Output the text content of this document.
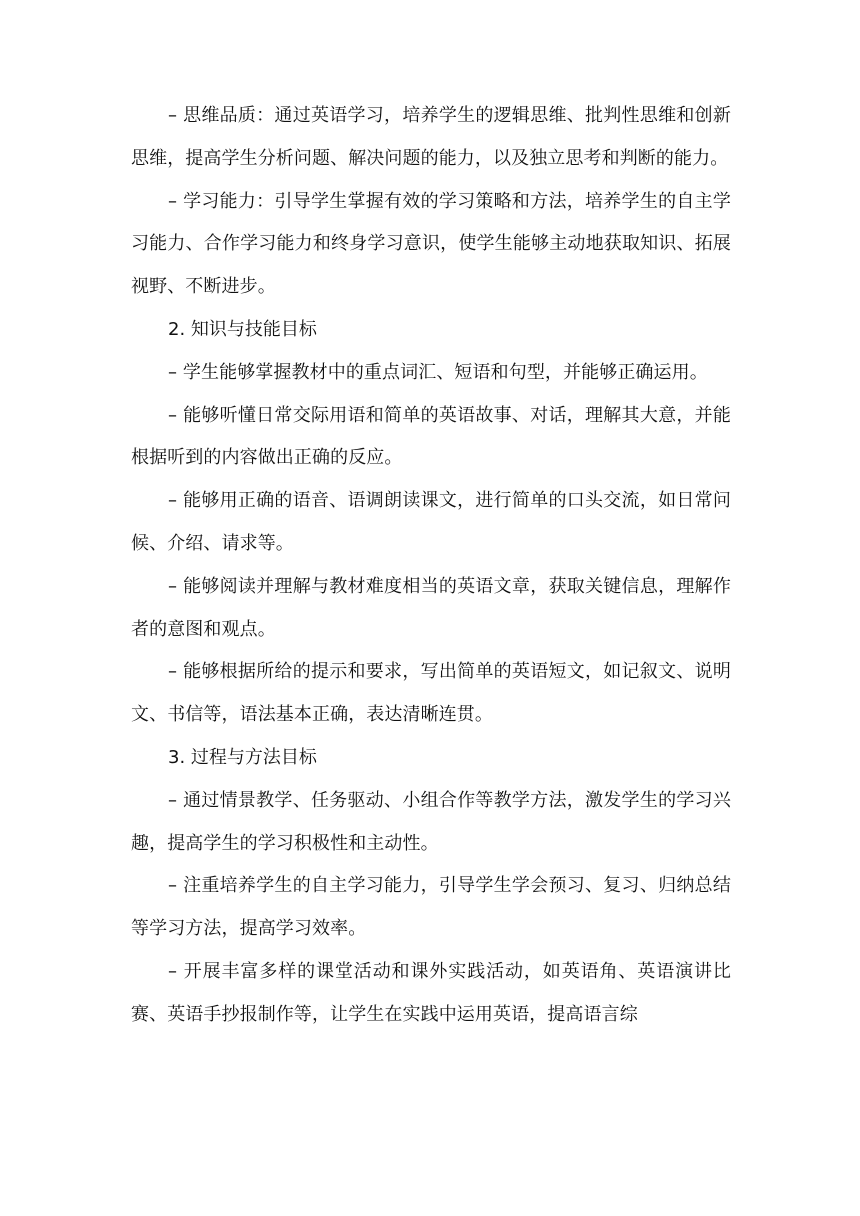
– 思维品质：通过英语学习，培养学生的逻辑思维、批判性思维和创新思维，提高学生分析问题、解决问题的能力，以及独立思考和判断的能力。

– 学习能力：引导学生掌握有效的学习策略和方法，培养学生的自主学习能力、合作学习能力和终身学习意识，使学生能够主动地获取知识、拓展视野、不断进步。

2. 知识与技能目标

– 学生能够掌握教材中的重点词汇、短语和句型，并能够正确运用。

– 能够听懂日常交际用语和简单的英语故事、对话，理解其大意，并能根据听到的内容做出正确的反应。

– 能够用正确的语音、语调朗读课文，进行简单的口头交流，如日常问候、介绍、请求等。

– 能够阅读并理解与教材难度相当的英语文章，获取关键信息，理解作者的意图和观点。

– 能够根据所给的提示和要求，写出简单的英语短文，如记叙文、说明文、书信等，语法基本正确，表达清晰连贯。

3. 过程与方法目标

– 通过情景教学、任务驱动、小组合作等教学方法，激发学生的学习兴趣，提高学生的学习积极性和主动性。

– 注重培养学生的自主学习能力，引导学生学会预习、复习、归纳总结等学习方法，提高学习效率。

– 开展丰富多样的课堂活动和课外实践活动，如英语角、英语演讲比赛、英语手抄报制作等，让学生在实践中运用英语，提高语言综
